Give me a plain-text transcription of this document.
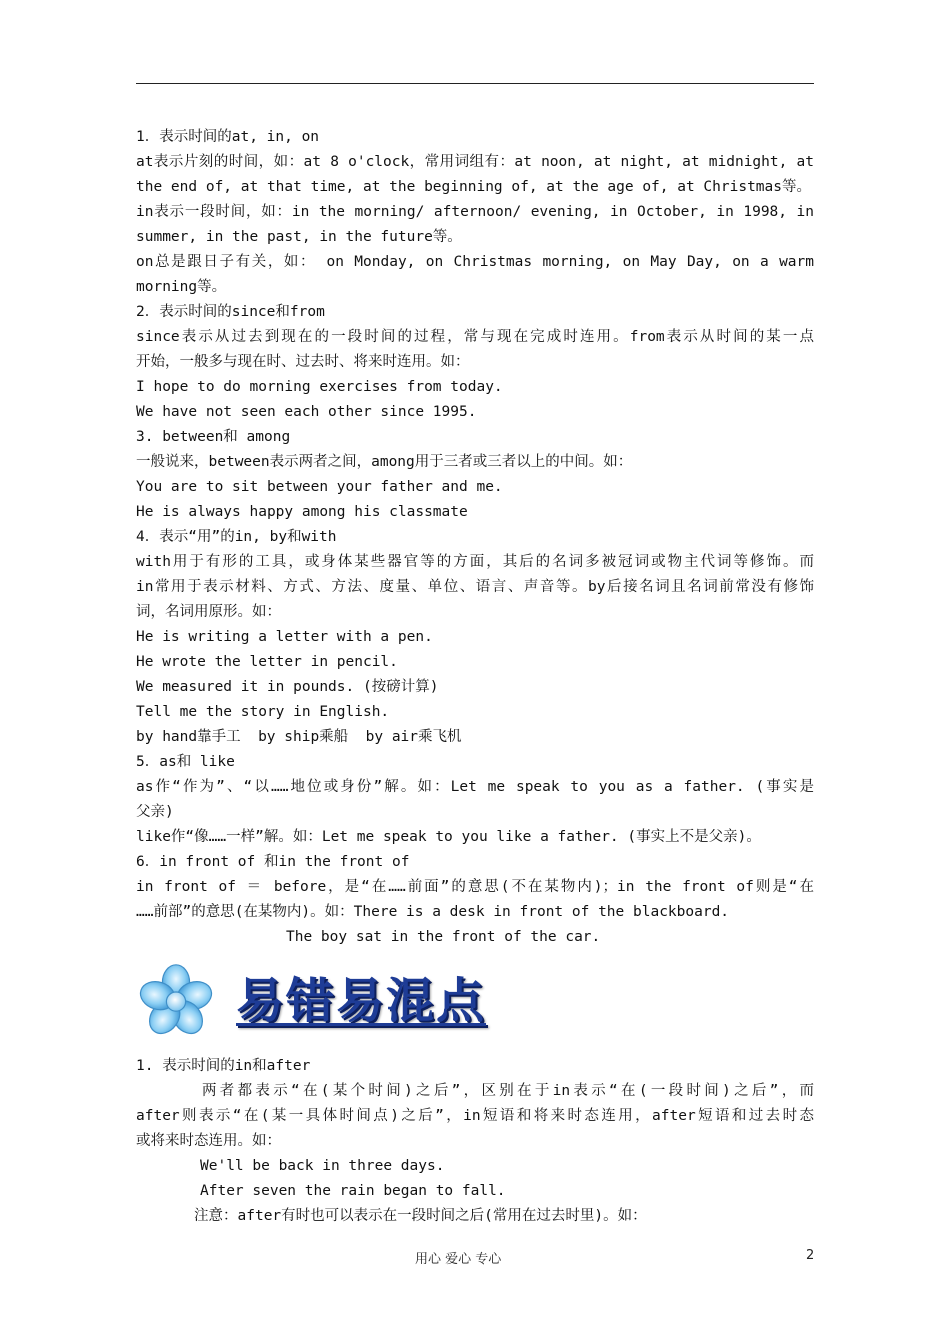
1．表示时间的at, in, on
at表示片刻的时间，如：at 8 o'clock，常用词组有：at noon, at night, at midnight, at
the end of, at that time, at the beginning of, at the age of, at Christmas等。
in表示一段时间，如：in the morning/ afternoon/ evening, in October, in 1998, in
summer, in the past, in the future等。
on总是跟日子有关，如： on Monday, on Christmas morning, on May Day, on a warm
morning等。
2．表示时间的since和from
since表示从过去到现在的一段时间的过程，常与现在完成时连用。from表示从时间的某一点
开始，一般多与现在时、过去时、将来时连用。如：
I hope to do morning exercises from today.
We have not seen each other since 1995.
3. between和 among
一般说来，between表示两者之间，among用于三者或三者以上的中间。如：
You are to sit between your father and me.
He is always happy among his classmate
4．表示“用”的in, by和with
with用于有形的工具，或身体某些器官等的方面，其后的名词多被冠词或物主代词等修饰。而
in常用于表示材料、方式、方法、度量、单位、语言、声音等。by后接名词且名词前常没有修饰
词，名词用原形。如：
He is writing a letter with a pen.
He wrote the letter in pencil.
We measured it in pounds. (按磅计算)
Tell me the story in English.
by hand靠手工  by ship乘船  by air乘飞机
5．as和 like
as作“作为”、“以……地位或身份”解。如：Let me speak to you as a father. (事实是
父亲)
like作“像……一样”解。如：Let me speak to you like a father. (事实上不是父亲)。
6．in front of 和in the front of
in front of ＝ before，是“在……前面”的意思(不在某物内)；in the front of则是“在
……前部”的意思(在某物内)。如：There is a desk in front of the blackboard.
The boy sat in the front of the car.
易错易混点
1. 表示时间的in和after
两者都表示“在(某个时间)之后”，区别在于in表示“在(一段时间)之后”，而
after则表示“在(某一具体时间点)之后”，in短语和将来时态连用，after短语和过去时态
或将来时态连用。如：
We'll be back in three days.
After seven the rain began to fall.
注意：after有时也可以表示在一段时间之后(常用在过去时里)。如：
用心 爱心 专心	2
